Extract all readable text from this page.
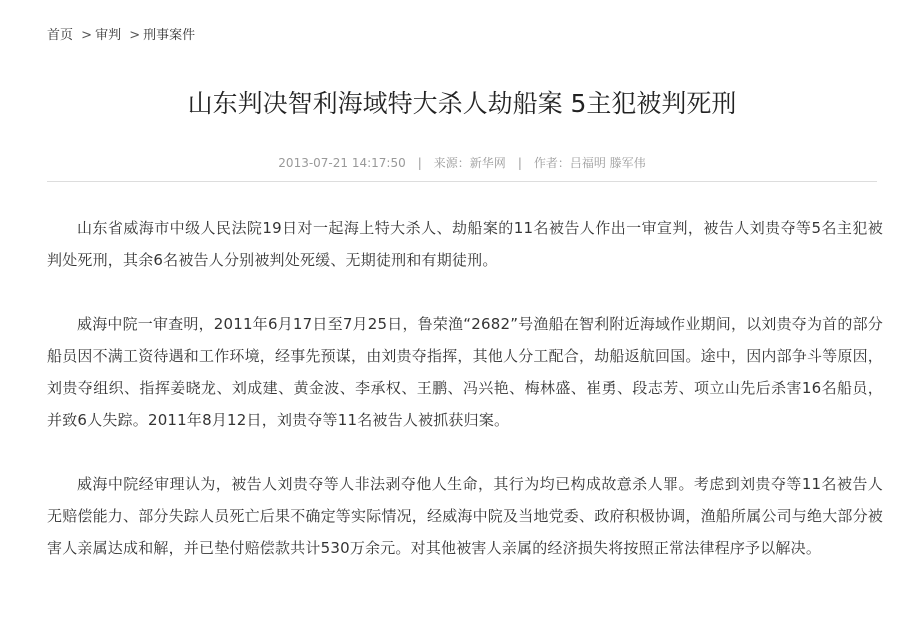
首页 > 审判 > 刑事案件
山东判决智利海域特大杀人劫船案 5主犯被判死刑
2013-07-21 14:17:50 | 来源：新华网 | 作者：吕福明 滕军伟

山东省威海市中级人民法院19日对一起海上特大杀人、劫船案的11名被告人作出一审宣判，被告人刘贵夺等5名主犯被判处死刑，其余6名被告人分别被判处死缓、无期徒刑和有期徒刑。

威海中院一审查明，2011年6月17日至7月25日，鲁荣渔“2682”号渔船在智利附近海域作业期间，以刘贵夺为首的部分船员因不满工资待遇和工作环境，经事先预谋，由刘贵夺指挥，其他人分工配合，劫船返航回国。途中，因内部争斗等原因，刘贵夺组织、指挥姜晓龙、刘成建、黄金波、李承权、王鹏、冯兴艳、梅林盛、崔勇、段志芳、项立山先后杀害16名船员，并致6人失踪。2011年8月12日，刘贵夺等11名被告人被抓获归案。

威海中院经审理认为，被告人刘贵夺等人非法剥夺他人生命，其行为均已构成故意杀人罪。考虑到刘贵夺等11名被告人无赔偿能力、部分失踪人员死亡后果不确定等实际情况，经威海中院及当地党委、政府积极协调，渔船所属公司与绝大部分被害人亲属达成和解，并已垫付赔偿款共计530万余元。对其他被害人亲属的经济损失将按照正常法律程序予以解决。
